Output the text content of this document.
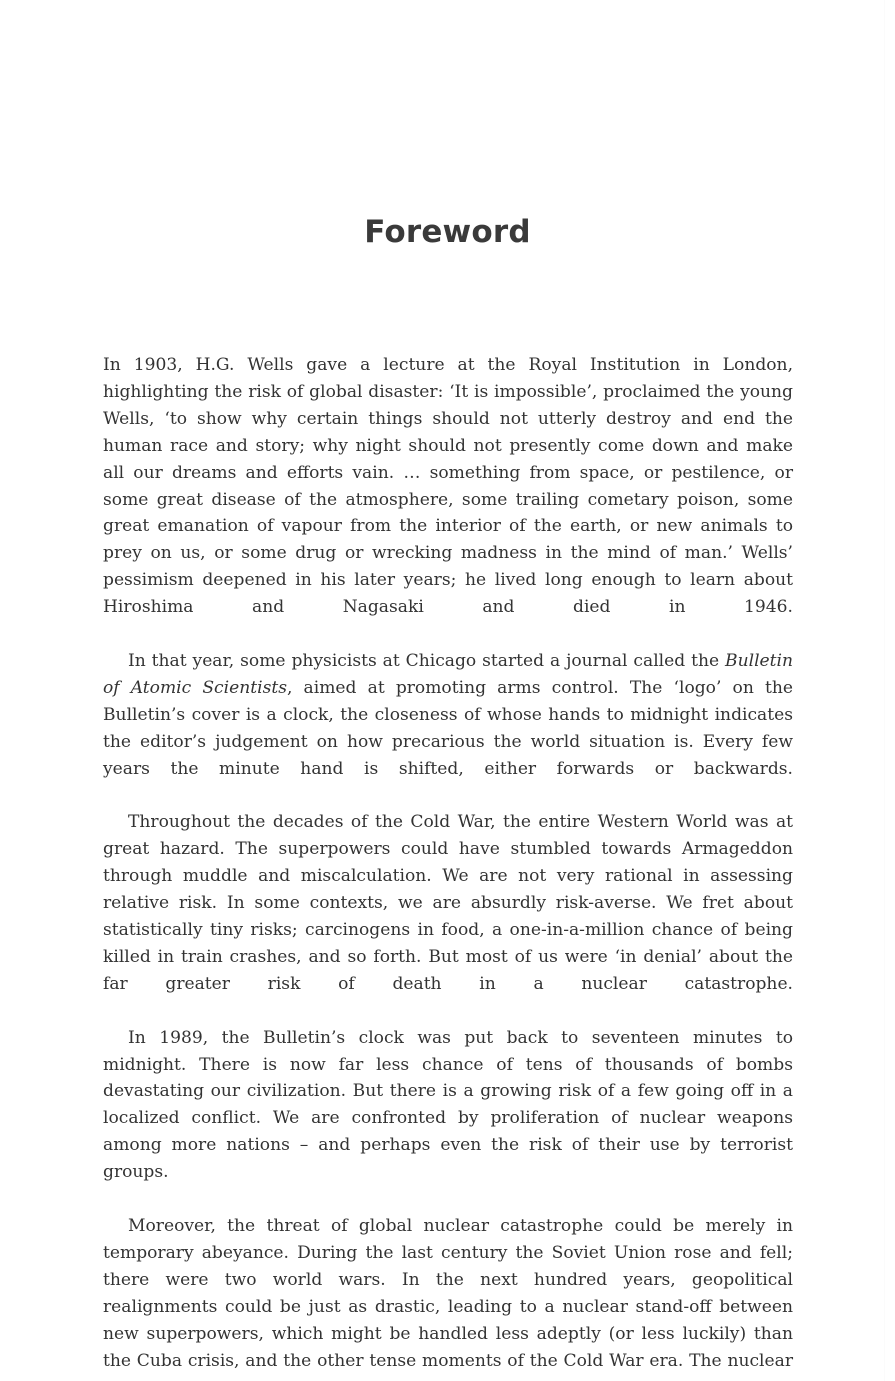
Foreword

In 1903, H.G. Wells gave a lecture at the Royal Institution in London, highlighting the risk of global disaster: ‘It is impossible’, proclaimed the young Wells, ‘to show why certain things should not utterly destroy and end the human race and story; why night should not presently come down and make all our dreams and efforts vain. … something from space, or pestilence, or some great disease of the atmosphere, some trailing cometary poison, some great emanation of vapour from the interior of the earth, or new animals to prey on us, or some drug or wrecking madness in the mind of man.’ Wells’ pessimism deepened in his later years; he lived long enough to learn about Hiroshima and Nagasaki and died in 1946.

In that year, some physicists at Chicago started a journal called the Bulletin of Atomic Scientists, aimed at promoting arms control. The ‘logo’ on the Bulletin’s cover is a clock, the closeness of whose hands to midnight indicates the editor’s judgement on how precarious the world situation is. Every few years the minute hand is shifted, either forwards or backwards.

Throughout the decades of the Cold War, the entire Western World was at great hazard. The superpowers could have stumbled towards Armageddon through muddle and miscalculation. We are not very rational in assessing relative risk. In some contexts, we are absurdly risk-averse. We fret about statistically tiny risks; carcinogens in food, a one-in-a-million chance of being killed in train crashes, and so forth. But most of us were ‘in denial’ about the far greater risk of death in a nuclear catastrophe.

In 1989, the Bulletin’s clock was put back to seventeen minutes to midnight. There is now far less chance of tens of thousands of bombs devastating our civilization. But there is a growing risk of a few going off in a localized conflict. We are confronted by proliferation of nuclear weapons among more nations – and perhaps even the risk of their use by terrorist groups.

Moreover, the threat of global nuclear catastrophe could be merely in temporary abeyance. During the last century the Soviet Union rose and fell; there were two world wars. In the next hundred years, geopolitical realignments could be just as drastic, leading to a nuclear stand-off between new superpowers, which might be handled less adeptly (or less luckily) than the Cuba crisis, and the other tense moments of the Cold War era. The nuclear
